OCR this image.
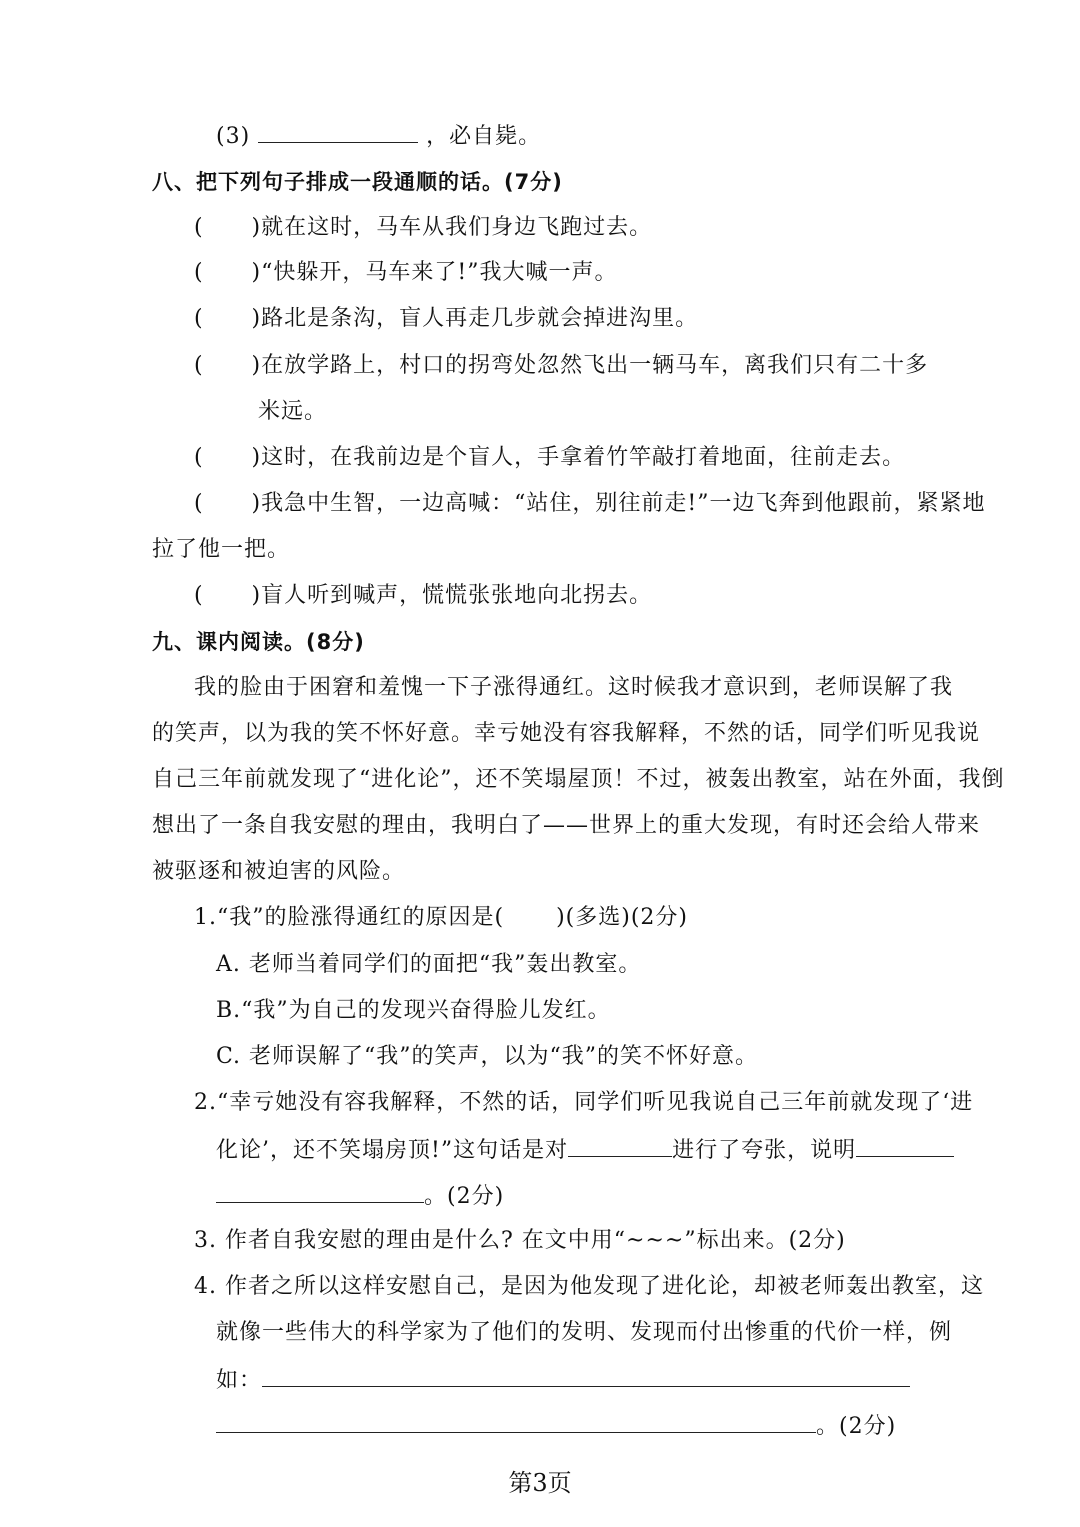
(3)	，必自毙。
八、把下列句子排成一段通顺的话。(7分)
(      )就在这时，马车从我们身边飞跑过去。
(      )“快躲开，马车来了!”我大喊一声。
(      )路北是条沟，盲人再走几步就会掉进沟里。
(      )在放学路上，村口的拐弯处忽然飞出一辆马车，离我们只有二十多
米远。
(      )这时，在我前边是个盲人，手拿着竹竿敲打着地面，往前走去。
(      )我急中生智，一边高喊：“站住，别往前走!”一边飞奔到他跟前，紧紧地
拉了他一把。
(      )盲人听到喊声，慌慌张张地向北拐去。
九、课内阅读。(8分)
我的脸由于困窘和羞愧一下子涨得通红。这时候我才意识到，老师误解了我
的笑声，以为我的笑不怀好意。幸亏她没有容我解释，不然的话，同学们听见我说
自己三年前就发现了“进化论”，还不笑塌屋顶！不过，被轰出教室，站在外面，我倒
想出了一条自我安慰的理由，我明白了——世界上的重大发现，有时还会给人带来
被驱逐和被迫害的风险。
1.“我”的脸涨得通红的原因是( )(多选)(2分)
A. 老师当着同学们的面把“我”轰出教室。
B.“我”为自己的发现兴奋得脸儿发红。
C. 老师误解了“我”的笑声，以为“我”的笑不怀好意。
2.“幸亏她没有容我解释，不然的话，同学们听见我说自己三年前就发现了‘进
化论’，还不笑塌房顶!”这句话是对	进行了夸张，说明
。(2分)
3. 作者自我安慰的理由是什么? 在文中用“~~~”标出来。(2分)
4. 作者之所以这样安慰自己，是因为他发现了进化论，却被老师轰出教室，这
就像一些伟大的科学家为了他们的发明、发现而付出惨重的代价一样，例
如：
。(2分)
第3页
